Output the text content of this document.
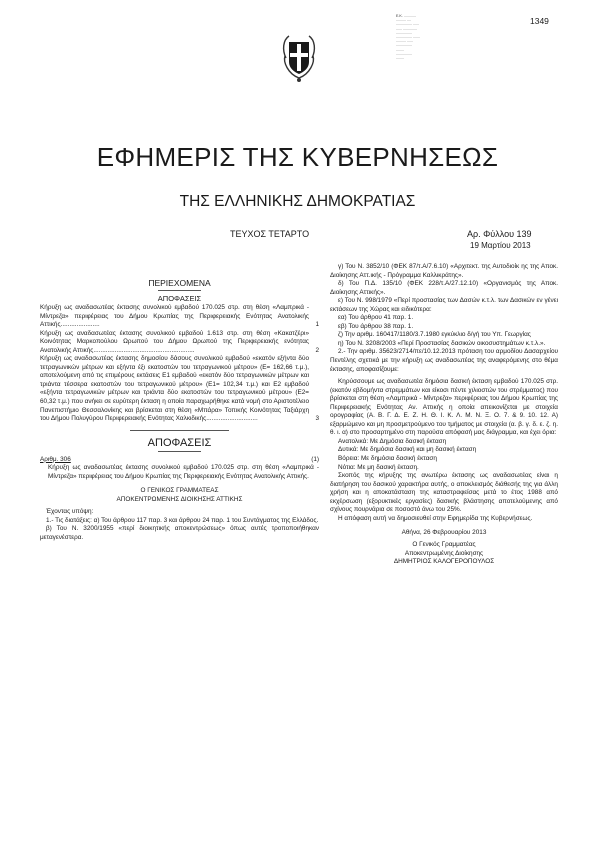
Ε.Κ. ............
.......... ....
................ ......
...... ..............
................
................ .......
.......... ......
................
........
................
........
1349
ΕΦΗΜΕΡΙΣ ΤΗΣ ΚΥΒΕΡΝΗΣΕΩΣ
ΤΗΣ ΕΛΛΗΝΙΚΗΣ ΔΗΜΟΚΡΑΤΙΑΣ
ΤΕΥΧΟΣ ΤΕΤΑΡΤΟ	Αρ. Φύλλου 139
19 Μαρτίου 2013

ΠΕΡΙΕΧΟΜΕΝΑ

ΑΠΟΦΑΣΕΙΣ

Κήρυξη ως αναδασωτέας έκτασης συνολικού εμβαδού 170.025 στρ. στη θέση «Λαμπρικά - Μίντρεζα» περιφέρειας του Δήμου Κρωπίας της Περιφερειακής Ενότητας Ανατολικής Αττικής......................	1
Κήρυξη ως αναδασωτέας έκτασης συνολικού εμβαδού 1.613 στρ. στη θέση «Κακατζέρι» Κοινότητας Μαρκοπούλου Ωρωπού του Δήμου Ωρωπού της Περιφερειακής ενότητας Ανατολικής Αττικής.........................................................	2
Κήρυξη ως αναδασωτέας έκτασης δημοσίου δάσους συνολικού εμβαδού «εκατόν εξήντα δύο τετραγωνικών μέτρων και εξήντα έξι εκατοστών του τετραγωνικού μέτρου» (Ε= 162,66 τ.μ.), αποτελούμενη από τις επιμέρους εκτάσεις Ε1 εμβαδού «εκατόν δύο τετραγωνικών μέτρων και τριάντα τέσσερα εκατοστών του τετραγωνικού μέτρου» (Ε1= 102,34 τ.μ.) και Ε2 εμβαδού «εξήντα τετραγωνικών μέτρων και τριάντα δύο εκατοστών του τετραγωνικού μέτρου» (Ε2= 60,32 τ.μ.) που ανήκει σε ευρύτερη έκταση η οποία παραχωρήθηκε κατά νομή στο Αριστοτέλειο Πανεπιστήμιο Θεσσαλονίκης και βρίσκεται στη θέση «Μπάρα» Τοπικής Κοινότητας Ταξιάρχη του Δήμου Πολυγύρου Περιφερειακής Ενότητας Χαλκιδικής.............................	3

ΑΠΟΦΑΣΕΙΣ

Αριθμ. 306	(1)

Κήρυξη ως αναδασωτέας έκτασης συνολικού εμβαδού 170.025 στρ. στη θέση «Λαμπρικά - Μίντρεζα» περιφέρειας του Δήμου Κρωπίας της Περιφερειακής Ενότητας Ανατολικής Αττικής.

Ο ΓΕΝΙΚΟΣ ΓΡΑΜΜΑΤΕΑΣ

ΑΠΟΚΕΝΤΡΩΜΕΝΗΣ ΔΙΟΙΚΗΣΗΣ ΑΤΤΙΚΗΣ

Έχοντας υπόψη:

1.- Τις διατάξεις: α) Του άρθρου 117 παρ. 3 και άρθρου 24 παρ. 1 του Συντάγματος της Ελλάδος.

β) Του Ν. 3200/1955 «περί διοικητικής αποκεντρώσεως» όπως αυτές τροποποιήθηκαν μεταγενέστερα.

γ) Του Ν. 3852/10 (ΦΕΚ 87/τ.Α/7.6.10) «Αρχιτεκτ. της Αυτοδιοίκ ης της Αποκ. Διοίκησης Αττ.ικής - Πρόγραμμα Καλλικράτης».

δ) Του Π.Δ. 135/10 (ΦΕΚ 228/τ.Α/27.12.10) «Οργανισμός της Αποκ. Διοίκησης Αττικής».

ε) Του Ν. 998/1979 «Περί προστασίας των Δασών κ.τ.λ. των Δασικών εν γένει εκτάσεων της Χώρας και ειδικότερα:

εα) Του άρθρου 41 παρ. 1.

εβ) Του άρθρου 38 παρ. 1.

ζ) Την αριθμ. 160417/1180/3.7.1980 εγκύκλιο δ/γή του Υπ. Γεωργίας

η) Του Ν. 3208/2003 «Περί Προστασίας δασικών οικοσυστημάτων κ.τ.λ.».

2.- Την αριθμ. 35623/2714/πε/10.12.2013 πρόταση του αρμοδίου Δασαρχείου Πεντέλης σχετικά με την κήρυξη ως αναδασωτέας της αναφερόμενης στο θέμα έκτασης, αποφασίζουμε:

Κηρύσσουμε ως αναδασωτέα δημόσια δασική έκταση εμβαδού 170.025 στρ. (εκατόν εβδομήντα στρεμμάτων και είκοσι πέντε χιλιοστών του στρέμματος) που βρίσκεται στη θέση «Λαμπρικά - Μίντρεζα» περιφέρειας του Δήμου Κρωπίας της Περιφερειακής Ενότητας Αν. Αττικής η οποία απεικονίζεται με στοιχεία ορογραφίας (Α. Β. Γ. Δ. Ε. Ζ. Η. Θ. Ι. Κ. Λ. Μ. Ν. Ξ. Ο. 7. & 9. 10. 12. Α) εξαρμώμενο και μη προσμετρούμενο του τμήματος με στοιχεία (α. β. γ. δ. ε. ζ. η. θ. ι. α) στο προσαρτημένο στη παρούσα απόφασή μας διάγραμμα, και έχει όρια:

Ανατολικά: Με Δημόσια δασική έκταση

Δυτικά: Με δημόσια δασική και μη δασική έκταση

Βόρεια: Με δημόσια δασική έκταση

Νότια: Με μη δασική έκταση.

Σκοπός της κήρυξης της ανωτέρω έκτασης ως αναδασωτέας είναι η διατήρηση του δασικού χαρακτήρα αυτής, ο αποκλεισμός διάθεσής της για άλλη χρήση και η αποκατάσταση της καταστραφείσας μετά το έτος 1988 από εκχέρσωση (εξορυκτικές εργασίες) δασικής βλάστησης αποτελούμενης από σχίνους πουρνάρια σε ποσοστό άνω του 25%.

Η απόφαση αυτή να δημοσιευθεί στην Εφημερίδα της Κυβερνήσεως.

Αθήνα, 26 Φεβρουαρίου 2013

Ο Γενικός Γραμματέας

Αποκεντρωμένης Διοίκησης

ΔΗΜΗΤΡΙΟΣ ΚΑΛΟΓΕΡΟΠΟΥΛΟΣ
